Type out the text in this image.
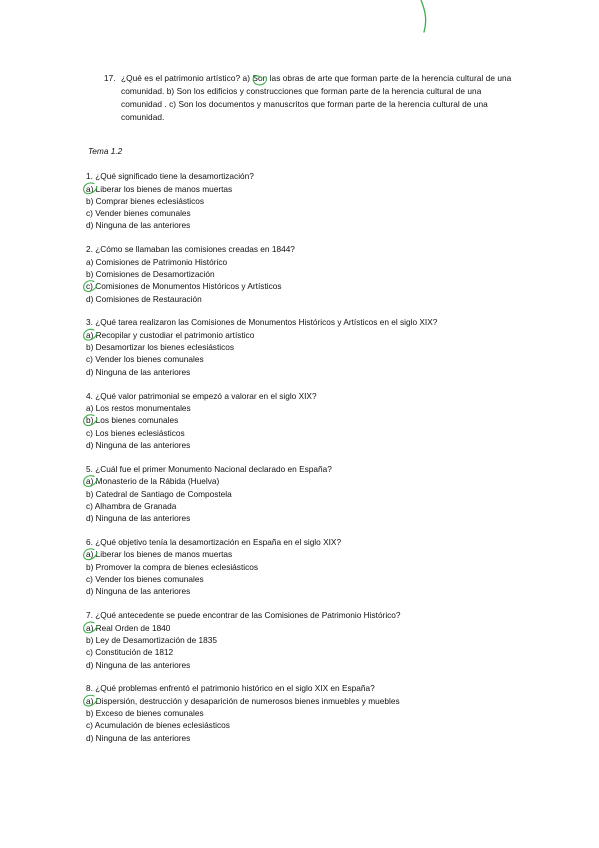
17. ¿Qué es el patrimonio artístico? a) Son las obras de arte que forman parte de la herencia cultural de una comunidad. b) Son los edificios y construcciones que forman parte de la herencia cultural de una comunidad . c) Son los documentos y manuscritos que forman parte de la herencia cultural de una comunidad.
Tema 1.2
1. ¿Qué significado tiene la desamortización?
a) Liberar los bienes de manos muertas
b) Comprar bienes eclesiásticos
c) Vender bienes comunales
d) Ninguna de las anteriores
2. ¿Cómo se llamaban las comisiones creadas en 1844?
a) Comisiones de Patrimonio Histórico
b) Comisiones de Desamortización
c) Comisiones de Monumentos Históricos y Artísticos
d) Comisiones de Restauración
3. ¿Qué tarea realizaron las Comisiones de Monumentos Históricos y Artísticos en el siglo XIX?
a) Recopilar y custodiar el patrimonio artístico
b) Desamortizar los bienes eclesiásticos
c) Vender los bienes comunales
d) Ninguna de las anteriores
4. ¿Qué valor patrimonial se empezó a valorar en el siglo XIX?
a) Los restos monumentales
b) Los bienes comunales
c) Los bienes eclesiásticos
d) Ninguna de las anteriores
5. ¿Cuál fue el primer Monumento Nacional declarado en España?
a) Monasterio de la Rábida (Huelva)
b) Catedral de Santiago de Compostela
c) Alhambra de Granada
d) Ninguna de las anteriores
6. ¿Qué objetivo tenía la desamortización en España en el siglo XIX?
a) Liberar los bienes de manos muertas
b) Promover la compra de bienes eclesiásticos
c) Vender los bienes comunales
d) Ninguna de las anteriores
7. ¿Qué antecedente se puede encontrar de las Comisiones de Patrimonio Histórico?
a) Real Orden de 1840
b) Ley de Desamortización de 1835
c) Constitución de 1812
d) Ninguna de las anteriores
8. ¿Qué problemas enfrentó el patrimonio histórico en el siglo XIX en España?
a) Dispersión, destrucción y desaparición de numerosos bienes inmuebles y muebles
b) Exceso de bienes comunales
c) Acumulación de bienes eclesiásticos
d) Ninguna de las anteriores
